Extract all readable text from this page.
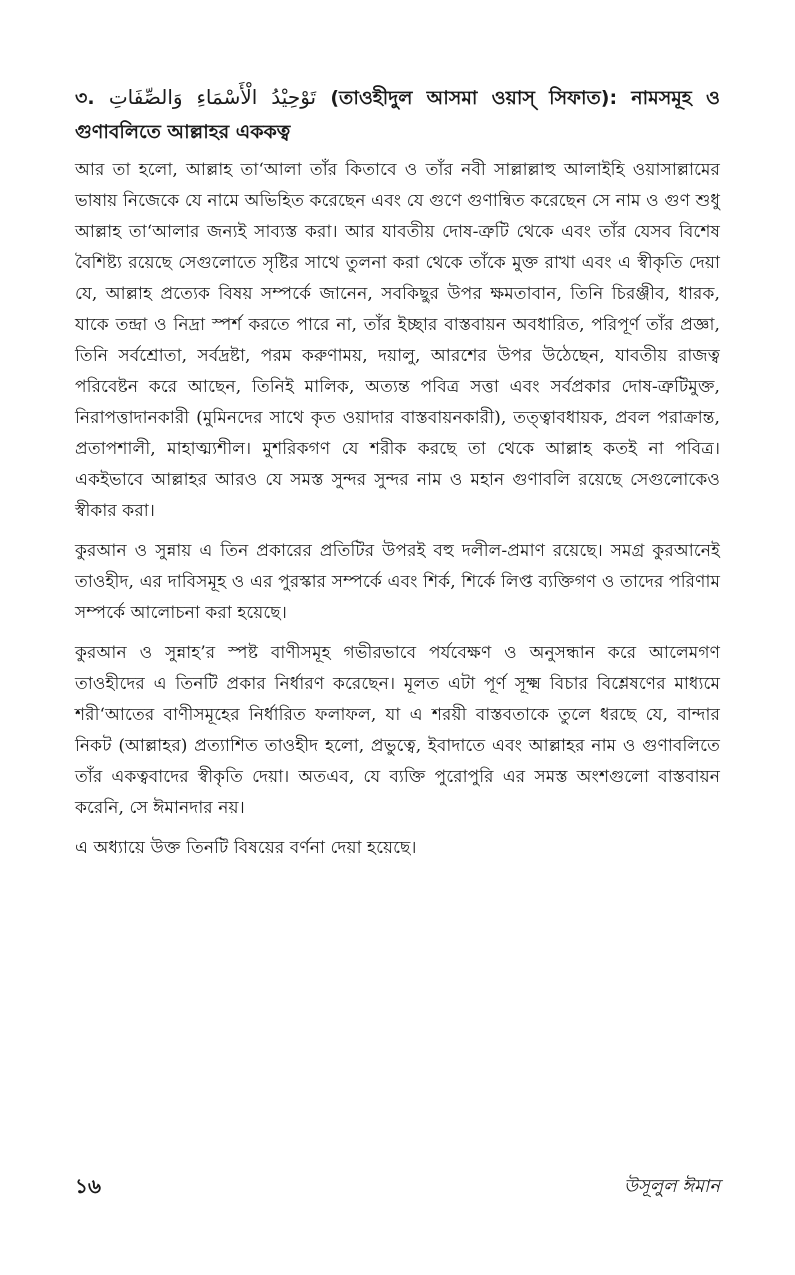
৩. تَوْحِيْدُ الْأَسْمَاءِ وَالصِّفَاتِ (তাওহীদুল আসমা ওয়াস্ সিফাত): নামসমূহ ও গুণাবলিতে আল্লাহর এককত্ব

আর তা হলো, আল্লাহ তা‘আলা তাঁর কিতাবে ও তাঁর নবী সাল্লাল্লাহু আলাইহি ওয়াসাল্লামের ভাষায় নিজেকে যে নামে অভিহিত করেছেন এবং যে গুণে গুণান্বিত করেছেন সে নাম ও গুণ শুধু আল্লাহ তা‘আলার জন্যই সাব্যস্ত করা। আর যাবতীয় দোষ-ত্রুটি থেকে এবং তাঁর যেসব বিশেষ বৈশিষ্ট্য রয়েছে সেগুলোতে সৃষ্টির সাথে তুলনা করা থেকে তাঁকে মুক্ত রাখা এবং এ স্বীকৃতি দেয়া যে, আল্লাহ প্রত্যেক বিষয় সম্পর্কে জানেন, সবকিছুর উপর ক্ষমতাবান, তিনি চিরঞ্জীব, ধারক, যাকে তন্দ্রা ও নিদ্রা স্পর্শ করতে পারে না, তাঁর ইচ্ছার বাস্তবায়ন অবধারিত, পরিপূর্ণ তাঁর প্রজ্ঞা, তিনি সর্বশ্রোতা, সর্বদ্রষ্টা, পরম করুণাময়, দয়ালু, আরশের উপর উঠেছেন, যাবতীয় রাজত্ব পরিবেষ্টন করে আছেন, তিনিই মালিক, অত্যন্ত পবিত্র সত্তা এবং সর্বপ্রকার দোষ-ত্রুটিমুক্ত, নিরাপত্তাদানকারী (মুমিনদের সাথে কৃত ওয়াদার বাস্তবায়নকারী), তত্ত্বাবধায়ক, প্রবল পরাক্রান্ত, প্রতাপশালী, মাহাত্ম্যশীল। মুশরিকগণ যে শরীক করছে তা থেকে আল্লাহ কতই না পবিত্র। একইভাবে আল্লাহর আরও যে সমস্ত সুন্দর সুন্দর নাম ও মহান গুণাবলি রয়েছে সেগুলোকেও স্বীকার করা।

কুরআন ও সুন্নায় এ তিন প্রকারের প্রতিটির উপরই বহু দলীল-প্রমাণ রয়েছে। সমগ্র কুরআনেই তাওহীদ, এর দাবিসমূহ ও এর পুরস্কার সম্পর্কে এবং শির্ক, শির্কে লিপ্ত ব্যক্তিগণ ও তাদের পরিণাম সম্পর্কে আলোচনা করা হয়েছে।

কুরআন ও সুন্নাহ’র স্পষ্ট বাণীসমূহ গভীরভাবে পর্যবেক্ষণ ও অনুসন্ধান করে আলেমগণ তাওহীদের এ তিনটি প্রকার নির্ধারণ করেছেন। মূলত এটা পূর্ণ সূক্ষ্ম বিচার বিশ্লেষণের মাধ্যমে শরী‘আতের বাণীসমূহের নির্ধারিত ফলাফল, যা এ শরয়ী বাস্তবতাকে তুলে ধরছে যে, বান্দার নিকট (আল্লাহর) প্রত্যাশিত তাওহীদ হলো, প্রভুত্বে, ইবাদাতে এবং আল্লাহর নাম ও গুণাবলিতে তাঁর একত্ববাদের স্বীকৃতি দেয়া। অতএব, যে ব্যক্তি পুরোপুরি এর সমস্ত অংশগুলো বাস্তবায়ন করেনি, সে ঈমানদার নয়।

এ অধ্যায়ে উক্ত তিনটি বিষয়ের বর্ণনা দেয়া হয়েছে।

১৬	উসূলুল ঈমান
